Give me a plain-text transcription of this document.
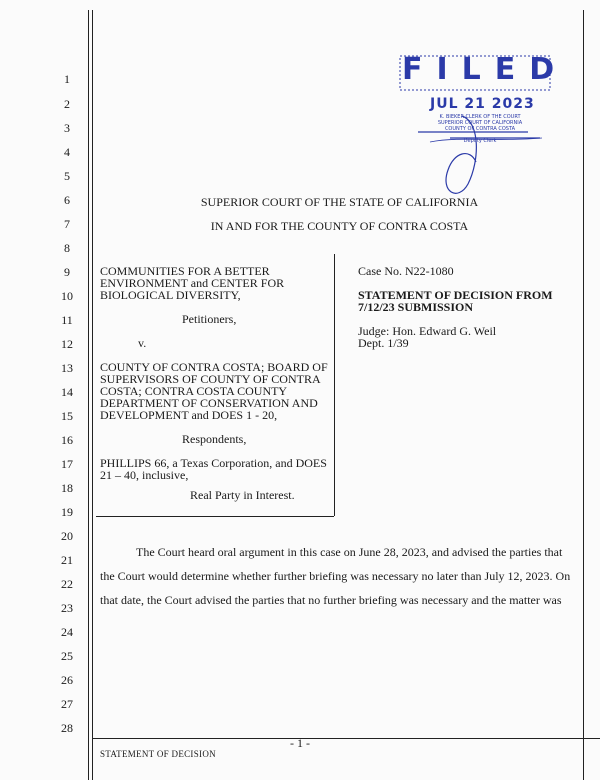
1
2
3
4
5
6
7
8
9
10
11
12
13
14
15
16
17
18
19
20
21
22
23
24
25
26
27
28
FILED
JUL 21 2023
K. BIEKER CLERK OF THE COURT
SUPERIOR COURT OF CALIFORNIA
COUNTY OF CONTRA COSTA
Deputy Clerk
SUPERIOR COURT OF THE STATE OF CALIFORNIA
IN AND FOR THE COUNTY OF CONTRA COSTA
COMMUNITIES FOR A BETTER
ENVIRONMENT and CENTER FOR
BIOLOGICAL DIVERSITY,
Petitioners,
v.
COUNTY OF CONTRA COSTA; BOARD OF
SUPERVISORS OF COUNTY OF CONTRA
COSTA; CONTRA COSTA COUNTY
DEPARTMENT OF CONSERVATION AND
DEVELOPMENT and DOES 1 - 20,
Respondents,
PHILLIPS 66, a Texas Corporation, and DOES
21 – 40, inclusive,
Real Party in Interest.
Case No. N22-1080
STATEMENT OF DECISION FROM
7/12/23 SUBMISSION
Judge: Hon. Edward G. Weil
Dept. 1/39
The Court heard oral argument in this case on June 28, 2023, and advised the parties that
the Court would determine whether further briefing was necessary no later than July 12, 2023. On
that date, the Court advised the parties that no further briefing was necessary and the matter was
- 1 -
STATEMENT OF DECISION
